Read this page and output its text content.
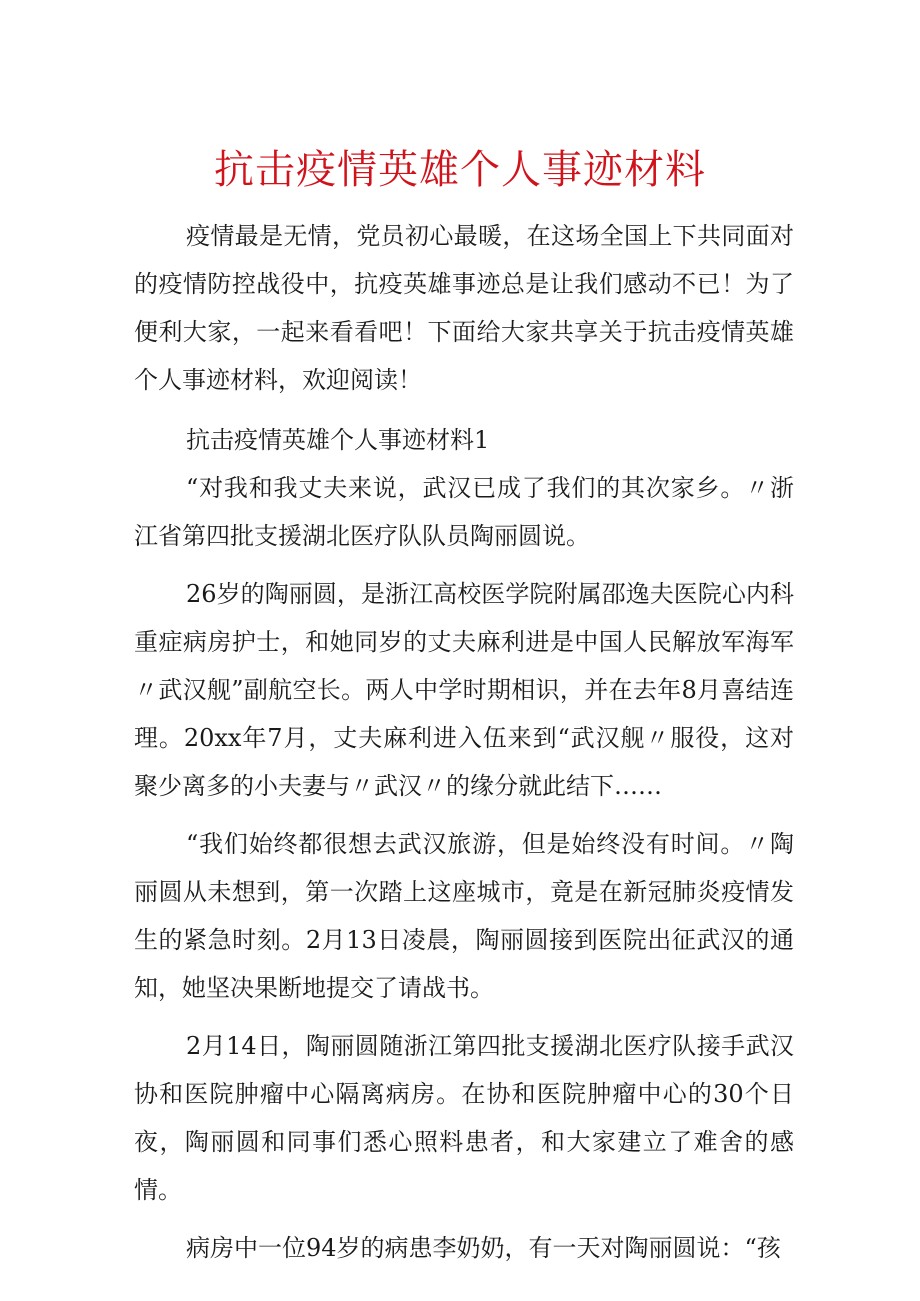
抗击疫情英雄个人事迹材料

疫情最是无情，党员初心最暖，在这场全国上下共同面对的疫情防控战役中，抗疫英雄事迹总是让我们感动不已！为了便利大家，一起来看看吧！下面给大家共享关于抗击疫情英雄个人事迹材料，欢迎阅读！

抗击疫情英雄个人事迹材料1

“对我和我丈夫来说，武汉已成了我们的其次家乡。〃浙江省第四批支援湖北医疗队队员陶丽圆说。

26岁的陶丽圆，是浙江高校医学院附属邵逸夫医院心内科重症病房护士，和她同岁的丈夫麻利进是中国人民解放军海军〃武汉舰”副航空长。两人中学时期相识，并在去年8月喜结连理。20xx年7月，丈夫麻利进入伍来到“武汉舰〃服役，这对聚少离多的小夫妻与〃武汉〃的缘分就此结下……

“我们始终都很想去武汉旅游，但是始终没有时间。〃陶丽圆从未想到，第一次踏上这座城市，竟是在新冠肺炎疫情发生的紧急时刻。2月13日凌晨，陶丽圆接到医院出征武汉的通知，她坚决果断地提交了请战书。

2月14日，陶丽圆随浙江第四批支援湖北医疗队接手武汉协和医院肿瘤中心隔离病房。在协和医院肿瘤中心的30个日夜，陶丽圆和同事们悉心照料患者，和大家建立了难舍的感情。

病房中一位94岁的病患李奶奶，有一天对陶丽圆说：“孩
